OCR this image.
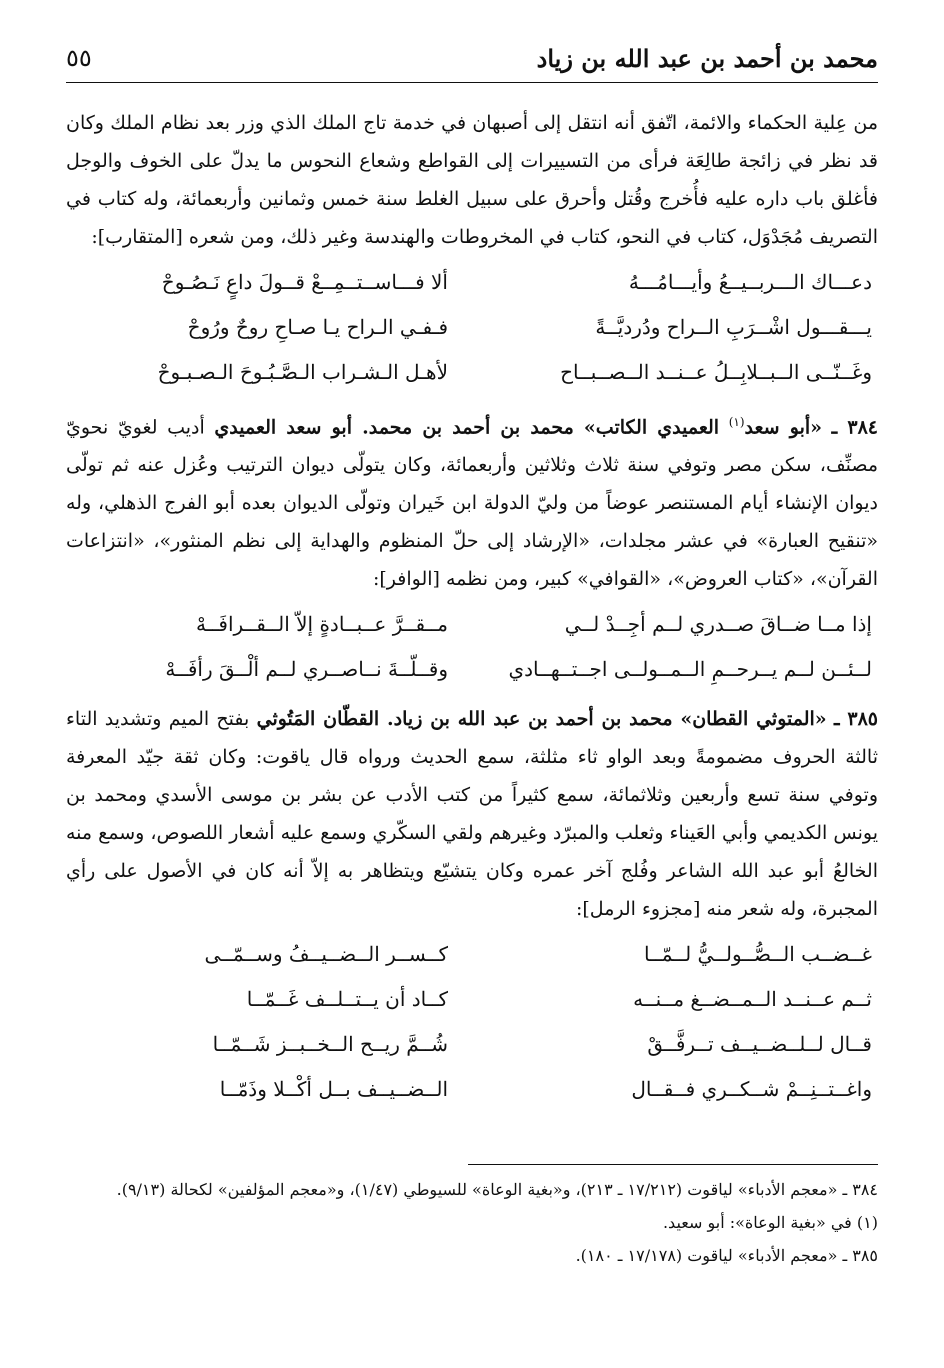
محمد بن أحمد بن عبد الله بن زياد
٥٥

من عِلية الحكماء والائمة، اتّفق أنه انتقل إلى أصبهان في خدمة تاج الملك الذي وزر بعد نظام الملك وكان قد نظر في زائجة طالِعَة فرأى من التسييرات إلى القواطع وشعاع النحوس ما يدلّ على الخوف والوجل فأغلق باب داره عليه فأُخرج وقُتل وأحرق على سبيل الغلط سنة خمس وثمانين وأربعمائة، وله كتاب في التصريف مُجَدْوَل، كتاب في النحو، كتاب في المخروطات والهندسة وغير ذلك، ومن شعره [المتقارب]:

دعـــاك الـــربــيــعُ وأيـــامُـــهُ
ألا فـــاســتــمِــعْ قــولَ داعٍ نَـصُـوحْ
يـــقـــول اشْــرَبِ الــراح ودُرديَّــةً
فـفـي الـراح يـا صـاحِ روحٌ ورُوحْ
وغَــنّــى الــبــلابِــلُ عــنــد الــصــبــاح
لأهـل الـشـراب الـصَّـبُـوحَ الـصـبـوحْ

٣٨٤ ـ «أبو سعد$^{(١)}$ العميدي الكاتب» محمد بن أحمد بن محمد. أبو سعد العميدي أديب لغويّ نحويّ مصنِّف، سكن مصر وتوفي سنة ثلاث وثلاثين وأربعمائة، وكان يتولّى ديوان الترتيب وعُزل عنه ثم تولّى ديوان الإنشاء أيام المستنصر عوضاً من وليّ الدولة ابن خَيران وتولّى الديوان بعده أبو الفرج الذهلي، وله «تنقيح العبارة» في عشر مجلدات، «الإرشاد إلى حلّ المنظوم والهداية إلى نظم المنثور»، «انتزاعات القرآن»، «كتاب العروض»، «القوافي» كبير، ومن نظمه [الوافر]:

إذا مــا ضــاقَ صــدري لــم أجِــدْ لــي
مــقــرَّ عــبــادةٍ إلاّ الــقــرافَــهْ
لــئــن لــم يــرحــمِ الــمــولــى اجــتــهــادي
وقــلّــةَ نــاصــري لــم ألْــقَ رأفَــهْ

٣٨٥ ـ «المتوثي القطان» محمد بن أحمد بن عبد الله بن زياد. القطّان المَتُوثي بفتح الميم وتشديد التاء ثالثة الحروف مضمومةً وبعد الواو ثاء مثلثة، سمع الحديث ورواه قال ياقوت: وكان ثقة جيّد المعرفة وتوفي سنة تسع وأربعين وثلاثمائة، سمع كثيراً من كتب الأدب عن بشر بن موسى الأسدي ومحمد بن يونس الكديمي وأبي العَيناء وثعلب والمبرّد وغيرهم ولقي السكّري وسمع عليه أشعار اللصوص، وسمع منه الخالعُ أبو عبد الله الشاعر وفُلج آخر عمره وكان يتشيّع ويتظاهر به إلاّ أنه كان في الأصول على رأي المجبرة، وله شعر منه [مجزوء الرمل]:

غــضــب الــصُّــولــيُّ لــمّــا
كــســر الــضــيــفُ وســمّــى
ثــم عــنــد الــمــضــغ مــنــه
كــاد أن يــتــلــف غَــمّــا
قــال لــلــضــيــف تــرفَّــقْ
شُــمَّ ريــح الــخــبــز شَــمّــا
واغــتــنِــمْ شــكــري فــقــال
الــضــيــف بــل أكْــلا وذَمّــا

٣٨٤ ـ «معجم الأدباء» لياقوت (١٧/٢١٢ ـ ٢١٣)، و«بغية الوعاة» للسيوطي (١/٤٧)، و«معجم المؤلفين» لكحالة (٩/١٣).

(١) في «بغية الوعاة»: أبو سعيد.

٣٨٥ ـ «معجم الأدباء» لياقوت (١٧/١٧٨ ـ ١٨٠).
